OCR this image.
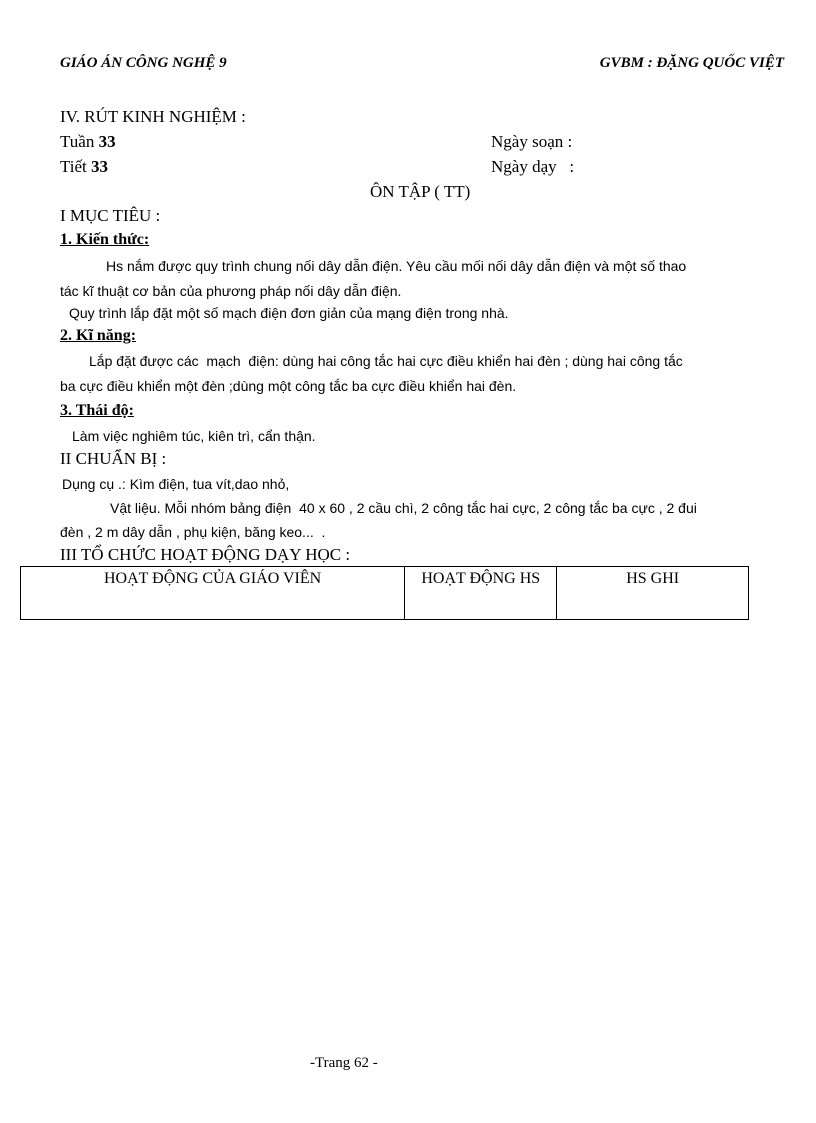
GIÁO ÁN CÔNG NGHỆ 9	GVBM : ĐẶNG QUỐC VIỆT
IV. RÚT KINH NGHIỆM :
Tuần 33
Tiết 33
Ngày soạn :
Ngày dạy   :
ÔN TẬP ( TT)
I MỤC TIÊU :
1. Kiến thức:
Hs nắm được quy trình chung nối dây dẫn điện. Yêu cầu mối nối dây dẫn điện và một số thao
tác kĩ thuật cơ bản của phương pháp nối dây dẫn điện.
Quy trình lắp đặt một số mạch điện đơn giản của mạng điện trong nhà.
2. Kĩ năng:
Lắp đặt được các  mạch  điện: dùng hai công tắc hai cực điều khiển hai đèn ; dùng hai công tắc
ba cực điều khiển một đèn ;dùng một công tắc ba cực điều khiển hai đèn.
3. Thái độ:
Làm việc nghiêm túc, kiên trì, cẩn thận.
II CHUẨN BỊ :
Dụng cụ .: Kìm điện, tua vít,dao nhỏ,
Vật liệu. Mỗi nhóm bảng điện  40 x 60 , 2 cầu chì, 2 công tắc hai cực, 2 công tắc ba cực , 2 đui
đèn , 2 m dây dẫn , phụ kiện, băng keo...  .
III TỔ CHỨC HOẠT ĐỘNG DẠY HỌC :
HOẠT ĐỘNG CỦA GIÁO VIÊN	HOẠT ĐỘNG HS	HS GHI
-Trang 62 -
